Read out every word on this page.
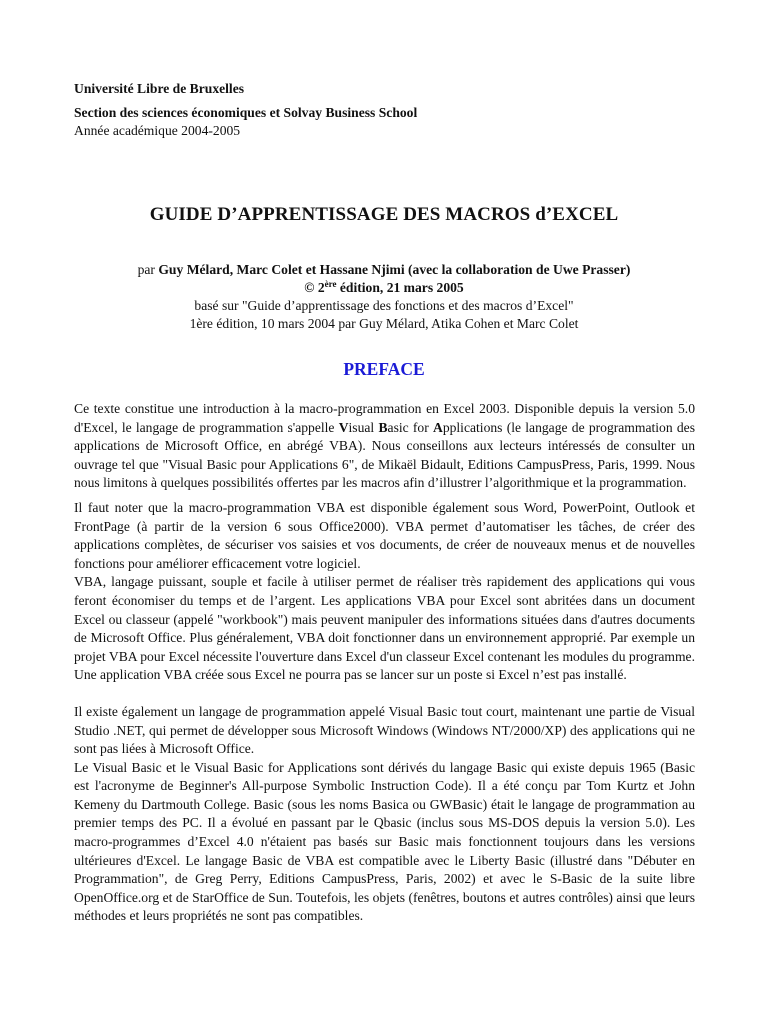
Université Libre de Bruxelles
Section des sciences économiques et Solvay Business School
Année académique 2004-2005
GUIDE D’APPRENTISSAGE DES MACROS d’EXCEL
par Guy Mélard, Marc Colet et Hassane Njimi (avec la collaboration de Uwe Prasser)
© 2ère édition, 21 mars 2005
basé sur "Guide d’apprentissage des fonctions et des macros d’Excel"
1ère édition, 10 mars 2004 par Guy Mélard, Atika Cohen et Marc Colet
PREFACE

Ce texte constitue une introduction à la macro-programmation en Excel 2003. Disponible depuis la version 5.0 d'Excel, le langage de programmation s'appelle Visual Basic for Applications (le langage de programmation des applications de Microsoft Office, en abrégé VBA). Nous conseillons aux lecteurs intéressés de consulter un ouvrage tel que "Visual Basic pour Applications 6", de Mikaël Bidault, Editions CampusPress, Paris, 1999. Nous nous limitons à quelques possibilités offertes par les macros afin d’illustrer l’algorithmique et la programmation.

Il faut noter que la macro-programmation VBA est disponible également sous Word, PowerPoint, Outlook et FrontPage (à partir de la version 6 sous Office2000). VBA permet d’automatiser les tâches, de créer des applications complètes, de sécuriser vos saisies et vos documents, de créer de nouveaux menus et de nouvelles fonctions pour améliorer efficacement votre logiciel.

VBA, langage puissant, souple et facile à utiliser permet de réaliser très rapidement des applications qui vous feront économiser du temps et de l’argent. Les applications VBA pour Excel sont abritées dans un document Excel ou classeur (appelé "workbook") mais peuvent manipuler des informations situées dans d'autres documents de Microsoft Office. Plus généralement, VBA doit fonctionner dans un environnement approprié. Par exemple un projet VBA pour Excel nécessite l'ouverture dans Excel d'un classeur Excel contenant les modules du programme. Une application VBA créée sous Excel ne pourra pas se lancer sur un poste si Excel n’est pas installé.

Il existe également un langage de programmation appelé Visual Basic tout court, maintenant une partie de Visual Studio .NET, qui permet de développer sous Microsoft Windows (Windows NT/2000/XP) des applications qui ne sont pas liées à Microsoft Office.

Le Visual Basic et le Visual Basic for Applications sont dérivés du langage Basic qui existe depuis 1965 (Basic est l'acronyme de Beginner's All-purpose Symbolic Instruction Code). Il a été conçu par Tom Kurtz et John Kemeny du Dartmouth College. Basic (sous les noms Basica ou GWBasic) était le langage de programmation au premier temps des PC. Il a évolué en passant par le Qbasic (inclus sous MS-DOS depuis la version 5.0). Les macro-programmes d’Excel 4.0 n'étaient pas basés sur Basic mais fonctionnent toujours dans les versions ultérieures d'Excel. Le langage Basic de VBA est compatible avec le Liberty Basic (illustré dans "Débuter en Programmation", de Greg Perry, Editions CampusPress, Paris, 2002) et avec le S-Basic de la suite libre OpenOffice.org et de StarOffice de Sun. Toutefois, les objets (fenêtres, boutons et autres contrôles) ainsi que leurs méthodes et leurs propriétés ne sont pas compatibles.
